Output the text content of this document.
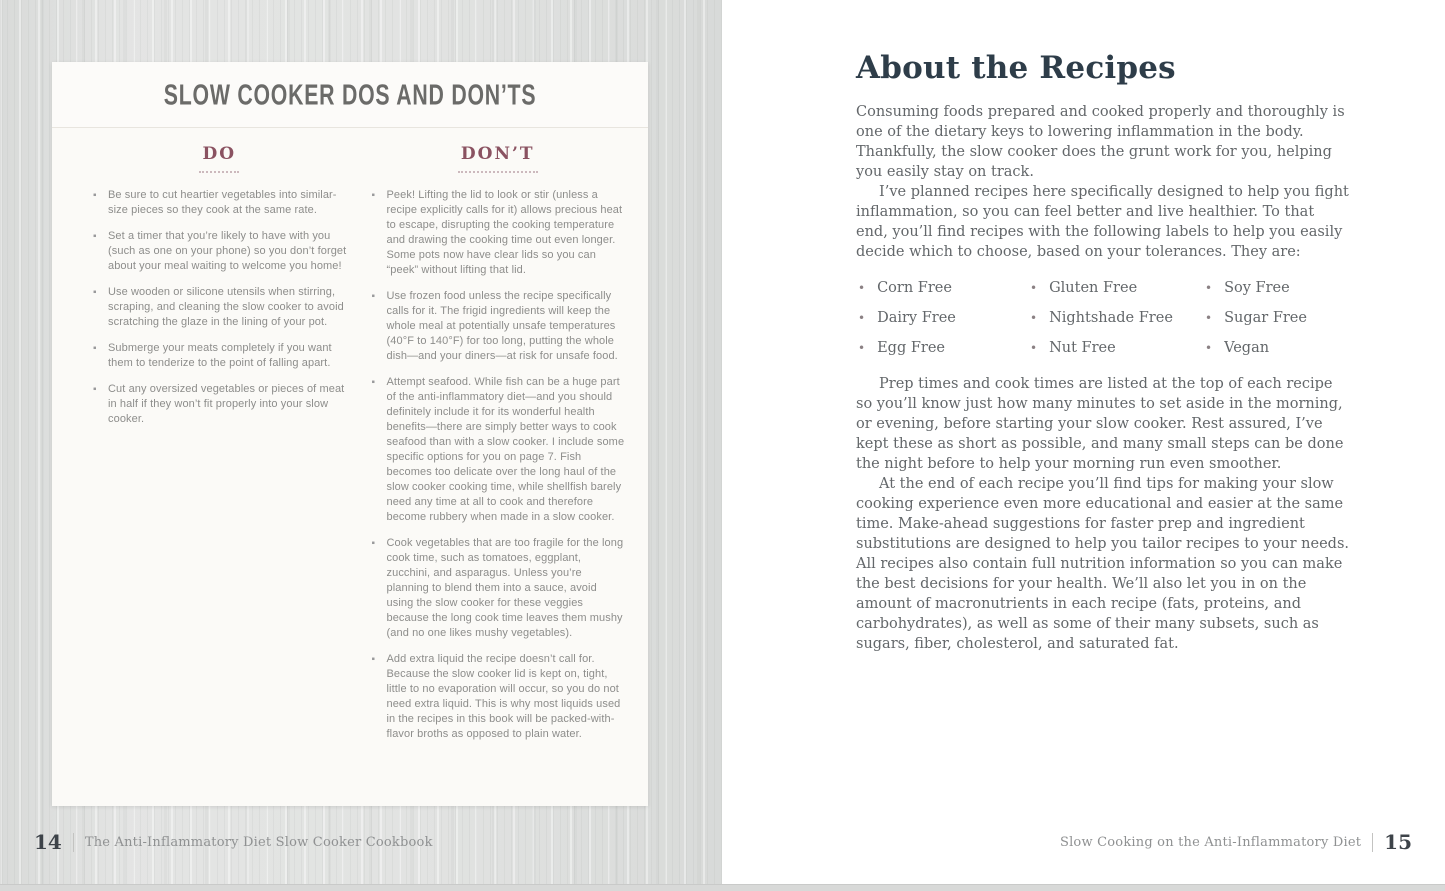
SLOW COOKER DOS AND DON’TS
DO
▪
Be sure to cut heartier vegetables into similar-size pieces so they cook at the same rate.
▪
Set a timer that you’re likely to have with you (such as one on your phone) so you don’t forget about your meal waiting to welcome you home!
▪
Use wooden or silicone utensils when stirring, scraping, and cleaning the slow cooker to avoid scratching the glaze in the lining of your pot.
▪
Submerge your meats completely if you want them to tenderize to the point of falling apart.
▪
Cut any oversized vegetables or pieces of meat in half if they won’t fit properly into your slow cooker.
DON’T
▪
Peek! Lifting the lid to look or stir (unless a recipe explicitly calls for it) allows precious heat to escape, disrupting the cooking temperature and drawing the cooking time out even longer. Some pots now have clear lids so you can “peek” without lifting that lid.
▪
Use frozen food unless the recipe specifically calls for it. The frigid ingredients will keep the whole meal at potentially unsafe temperatures (40°F to 140°F) for too long, putting the whole dish—and your diners—at risk for unsafe food.
▪
Attempt seafood. While fish can be a huge part of the anti-inflammatory diet—and you should definitely include it for its wonderful health benefits—there are simply better ways to cook seafood than with a slow cooker. I include some specific options for you on page 7. Fish becomes too delicate over the long haul of the slow cooker cooking time, while shellfish barely need any time at all to cook and therefore become rubbery when made in a slow cooker.
▪
Cook vegetables that are too fragile for the long cook time, such as tomatoes, eggplant, zucchini, and asparagus. Unless you’re planning to blend them into a sauce, avoid using the slow cooker for these veggies because the long cook time leaves them mushy (and no one likes mushy vegetables).
▪
Add extra liquid the recipe doesn’t call for. Because the slow cooker lid is kept on, tight, little to no evaporation will occur, so you do not need extra liquid. This is why most liquids used in the recipes in this book will be packed-with-flavor broths as opposed to plain water.
14 The Anti-Inflammatory Diet Slow Cooker Cookbook
About the Recipes

Consuming foods prepared and cooked properly and thoroughly is one of the dietary keys to lowering inflammation in the body. Thankfully, the slow cooker does the grunt work for you, helping you easily stay on track.

I’ve planned recipes here specifically designed to help you fight inflammation, so you can feel better and live healthier. To that end, you’ll find recipes with the following labels to help you easily decide which to choose, based on your tolerances. They are:

•
Corn Free •	Gluten Free •	Soy Free
•
Dairy Free •	Nightshade Free •	Sugar Free
•
Egg Free •	Nut Free •	Vegan

Prep times and cook times are listed at the top of each recipe so you’ll know just how many minutes to set aside in the morning, or evening, before starting your slow cooker. Rest assured, I’ve kept these as short as possible, and many small steps can be done the night before to help your morning run even smoother.

At the end of each recipe you’ll find tips for making your slow cooking experience even more educational and easier at the same time. Make-ahead suggestions for faster prep and ingredient substitutions are designed to help you tailor recipes to your needs. All recipes also contain full nutrition information so you can make the best decisions for your health. We’ll also let you in on the amount of macronutrients in each recipe (fats, proteins, and carbohydrates), as well as some of their many subsets, such as sugars, fiber, cholesterol, and saturated fat.

Slow Cooking on the Anti-Inflammatory Diet 15
